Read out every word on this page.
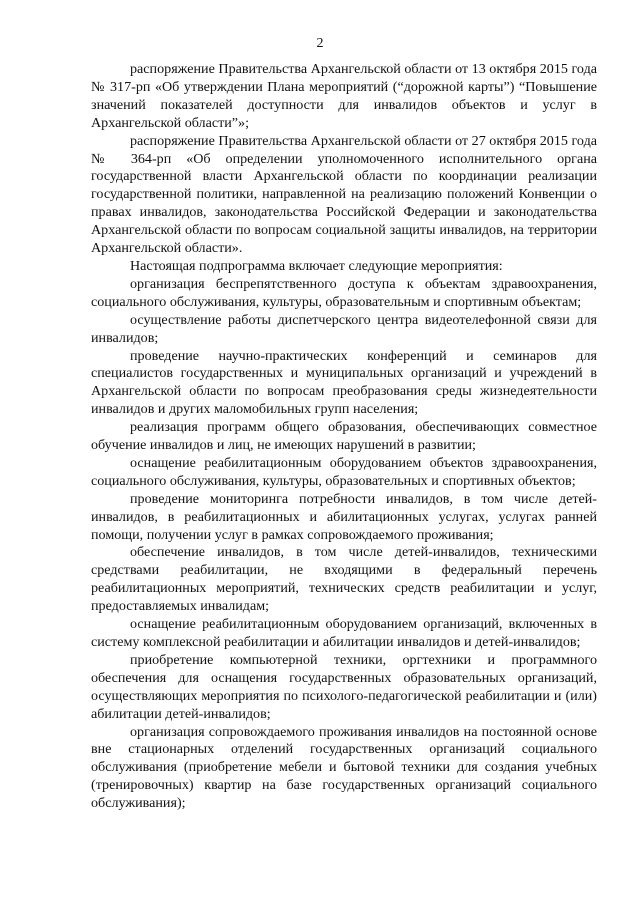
2

распоряжение Правительства Архангельской области от 13 октября 2015 года № 317-рп «Об утверждении Плана мероприятий (“дорожной карты”) “Повышение значений показателей доступности для инвалидов объектов и услуг в Архангельской области”»;

распоряжение Правительства Архангельской области от 27 октября 2015 года № 364-рп «Об определении уполномоченного исполнительного органа государственной власти Архангельской области по координации реализации государственной политики, направленной на реализацию положений Конвенции о правах инвалидов, законодательства Российской Федерации и законодательства Архангельской области по вопросам социальной защиты инвалидов, на территории Архангельской области».

Настоящая подпрограмма включает следующие мероприятия:

организация беспрепятственного доступа к объектам здравоохранения, социального обслуживания, культуры, образовательным и спортивным объектам;

осуществление работы диспетчерского центра видеотелефонной связи для инвалидов;

проведение научно-практических конференций и семинаров для специалистов государственных и муниципальных организаций и учреждений в Архангельской области по вопросам преобразования среды жизнедеятельности инвалидов и других маломобильных групп населения;

реализация программ общего образования, обеспечивающих совместное обучение инвалидов и лиц, не имеющих нарушений в развитии;

оснащение реабилитационным оборудованием объектов здравоохранения, социального обслуживания, культуры, образовательных и спортивных объектов;

проведение мониторинга потребности инвалидов, в том числе детей-инвалидов, в реабилитационных и абилитационных услугах, услугах ранней помощи, получении услуг в рамках сопровождаемого проживания;

обеспечение инвалидов, в том числе детей-инвалидов, техническими средствами реабилитации, не входящими в федеральный перечень реабилитационных мероприятий, технических средств реабилитации и услуг, предоставляемых инвалидам;

оснащение реабилитационным оборудованием организаций, включенных в систему комплексной реабилитации и абилитации инвалидов и детей-инвалидов;

приобретение компьютерной техники, оргтехники и программного обеспечения для оснащения государственных образовательных организаций, осуществляющих мероприятия по психолого-педагогической реабилитации и (или) абилитации детей-инвалидов;

организация сопровождаемого проживания инвалидов на постоянной основе вне стационарных отделений государственных организаций социального обслуживания (приобретение мебели и бытовой техники для создания учебных (тренировочных) квартир на базе государственных организаций социального обслуживания);
